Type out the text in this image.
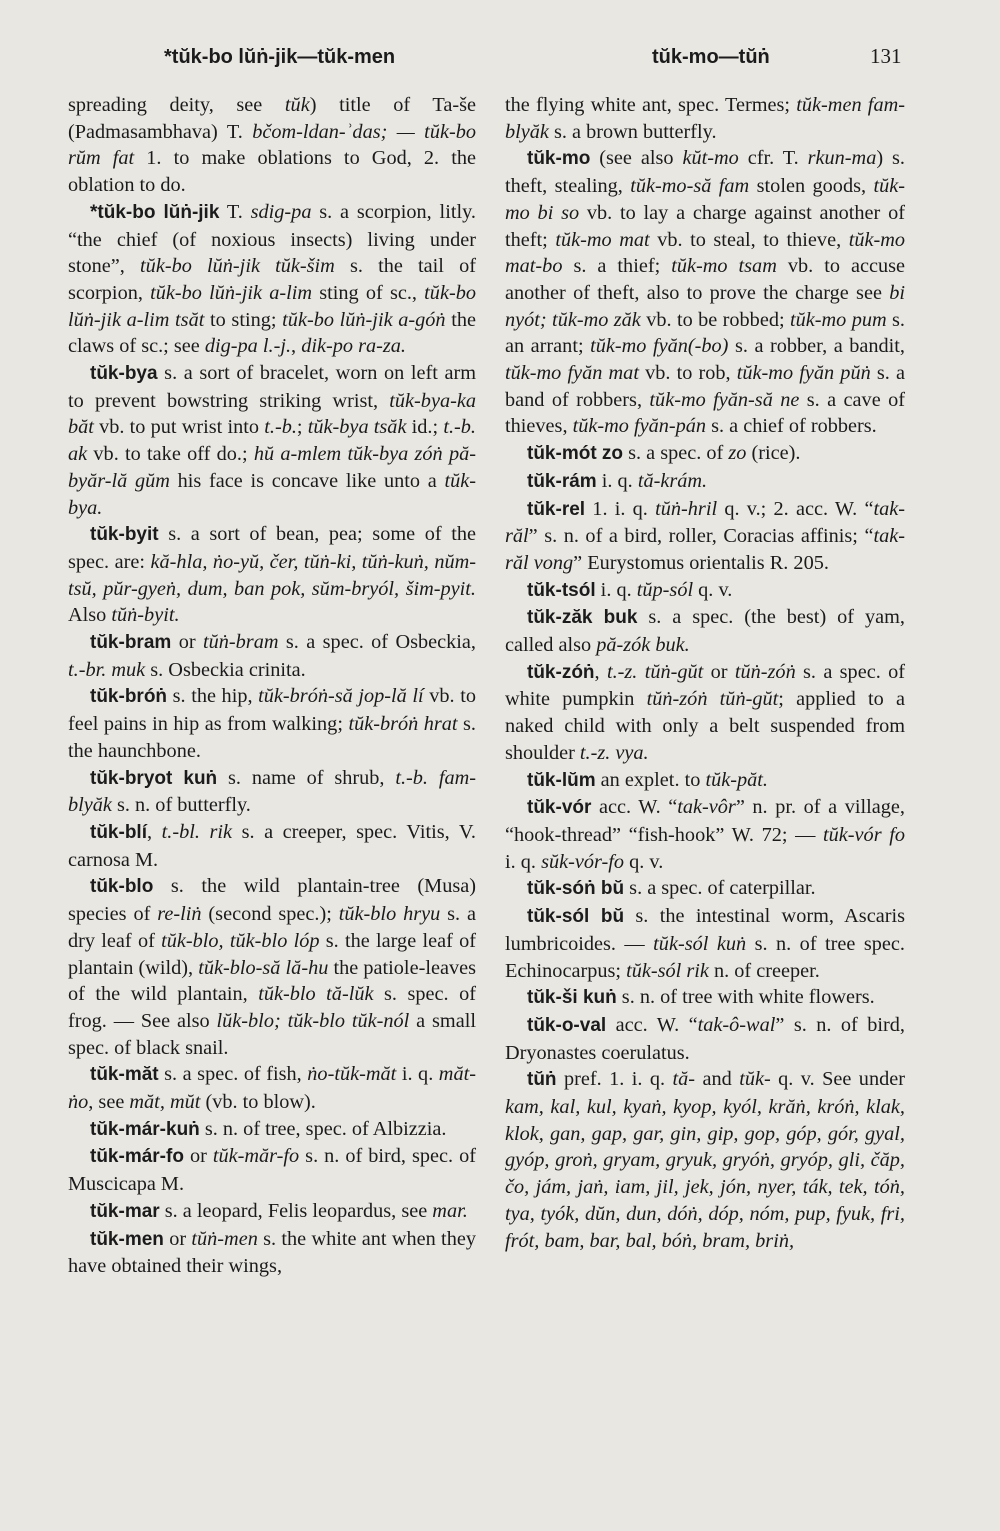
*tŭk-bo lŭṅ-jik—tŭk-men	tŭk-mo—tŭṅ	131

spreading deity, see tŭk) title of Ta-še (Padmasambhava) T. bčom-ldan-ʾdas; — tŭk-bo rŭm fat 1. to make oblations to God, 2. the oblation to do.

*tŭk-bo lŭṅ-jik T. sdig-pa s. a scorpion, litly. “the chief (of noxious insects) living under stone”, tŭk-bo lŭṅ-jik tŭk-šim s. the tail of scorpion, tŭk-bo lŭṅ-jik a-lim sting of sc., tŭk-bo lŭṅ-jik a-lim tsăt to sting; tŭk-bo lŭṅ-jik a-góṅ the claws of sc.; see dig-pa l.-j., dik-po ra-za.

tŭk-bya s. a sort of bracelet, worn on left arm to prevent bowstring striking wrist, tŭk-bya-ka băt vb. to put wrist into t.-b.; tŭk-bya tsăk id.; t.-b. ak vb. to take off do.; hŭ a-mlem tŭk-bya zóṅ pă-byăr-lă gŭm his face is concave like unto a tŭk-bya.

tŭk-byit s. a sort of bean, pea; some of the spec. are: kă-hla, ṅo-yŭ, čer, tŭṅ-ki, tŭṅ-kuṅ, nŭm-tsŭ, pŭr-gyeṅ, dum, ban pok, sŭm-bryól, šim-pyit. Also tŭṅ-byit.

tŭk-bram or tŭṅ-bram s. a spec. of Osbeckia, t.-br. muk s. Osbeckia crinita.

tŭk-bróṅ s. the hip, tŭk-bróṅ-să jop-lă lí vb. to feel pains in hip as from walking; tŭk-bróṅ hrat s. the haunchbone.

tŭk-bryot kuṅ s. name of shrub, t.-b. fam-blyăk s. n. of butterfly.

tŭk-blí, t.-bl. rik s. a creeper, spec. Vitis, V. carnosa M.

tŭk-blo s. the wild plantain-tree (Musa) species of re-liṅ (second spec.); tŭk-blo hryu s. a dry leaf of tŭk-blo, tŭk-blo lóp s. the large leaf of plantain (wild), tŭk-blo-să lă-hu the patiole-leaves of the wild plantain, tŭk-blo tă-lŭk s. spec. of frog. — See also lŭk-blo; tŭk-blo tŭk-nól a small spec. of black snail.

tŭk-măt s. a spec. of fish, ṅo-tŭk-măt i. q. măt-ṅo, see măt, mŭt (vb. to blow).

tŭk-már-kuṅ s. n. of tree, spec. of Albizzia.

tŭk-már-fo or tŭk-măr-fo s. n. of bird, spec. of Muscicapa M.

tŭk-mar s. a leopard, Felis leopardus, see mar.

tŭk-men or tŭṅ-men s. the white ant when they have obtained their wings,

the flying white ant, spec. Termes; tŭk-men fam-blyăk s. a brown butterfly.

tŭk-mo (see also kŭt-mo cfr. T. rkun-ma) s. theft, stealing, tŭk-mo-să fam stolen goods, tŭk-mo bi so vb. to lay a charge against another of theft; tŭk-mo mat vb. to steal, to thieve, tŭk-mo mat-bo s. a thief; tŭk-mo tsam vb. to accuse another of theft, also to prove the charge see bi nyót; tŭk-mo zăk vb. to be robbed; tŭk-mo pum s. an arrant; tŭk-mo fyăn(-bo) s. a robber, a bandit, tŭk-mo fyăn mat vb. to rob, tŭk-mo fyăn pŭṅ s. a band of robbers, tŭk-mo fyăn-să ne s. a cave of thieves, tŭk-mo fyăn-pán s. a chief of robbers.

tŭk-mót zo s. a spec. of zo (rice).

tŭk-rám i. q. tă-krám.

tŭk-rel 1. i. q. tŭṅ-hril q. v.; 2. acc. W. “tak-răl” s. n. of a bird, roller, Coracias affinis; “tak-răl vong” Eurystomus orientalis R. 205.

tŭk-tsól i. q. tŭp-sól q. v.

tŭk-zăk buk s. a spec. (the best) of yam, called also pă-zók buk.

tŭk-zóṅ, t.-z. tŭṅ-gŭt or tŭṅ-zóṅ s. a spec. of white pumpkin tŭṅ-zóṅ tŭṅ-gŭt; applied to a naked child with only a belt suspended from shoulder t.-z. vya.

tŭk-lŭm an explet. to tŭk-păt.

tŭk-vór acc. W. “tak-vôr” n. pr. of a village, “hook-thread” “fish-hook” W. 72; — tŭk-vór fo i. q. sŭk-vór-fo q. v.

tŭk-sóṅ bŭ s. a spec. of caterpillar.

tŭk-sól bŭ s. the intestinal worm, Ascaris lumbricoides. — tŭk-sól kuṅ s. n. of tree spec. Echinocarpus; tŭk-sól rik n. of creeper.

tŭk-ši kuṅ s. n. of tree with white flowers.

tŭk-o-val acc. W. “tak-ô-wal” s. n. of bird, Dryonastes coerulatus.

tŭṅ pref. 1. i. q. tă- and tŭk- q. v. See under kam, kal, kul, kyaṅ, kyop, kyól, krăṅ, króṅ, klak, klok, gan, gap, gar, gin, gip, gop, góp, gór, gyal, gyóp, groṅ, gryam, gryuk, gryóṅ, gryóp, gli, čăp, čo, jám, jaṅ, iam, jil, jek, jón, nyer, ták, tek, tóṅ, tya, tyók, dŭn, dun, dóṅ, dóp, nóm, pup, fyuk, fri, frót, bam, bar, bal, bóṅ, bram, briṅ,
